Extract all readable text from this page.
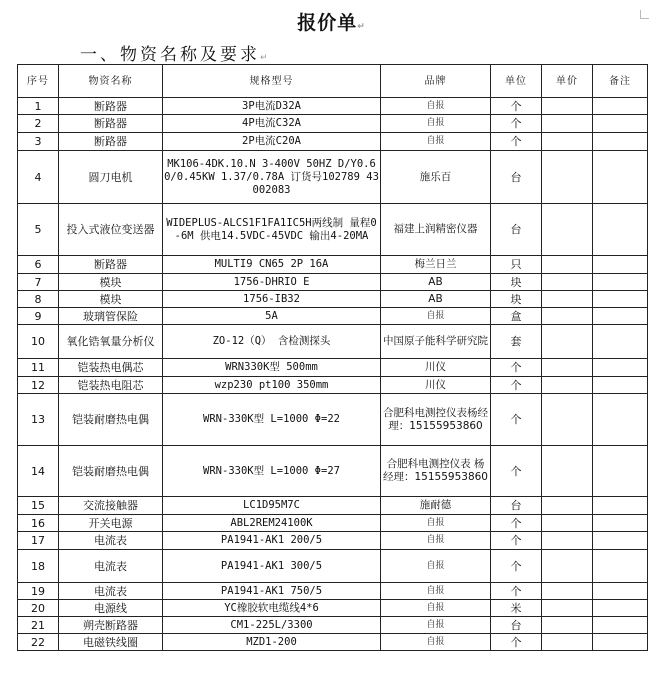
报价单↵
一、物资名称及要求↵
序号	物资名称	规格型号	品牌	单位	单价	备注
1	断路器	3P电流D32A	自报	个		
2	断路器	4P电流C32A	自报	个		
3	断路器	2P电流C20A	自报	个		
4	圆刀电机	MK106-4DK.10.N 3-400V 50HZ D/Y0.60/0.45KW 1.37/0.78A 订货号102789 43002083	施乐百	台		
5	投入式液位变送器	WIDEPLUS-ALCS1F1FA1IC5H两线制 量程0-6M 供电14.5VDC-45VDC 输出4-20MA	福建上润精密仪器	台		
6	断路器	MULTI9 CN65 2P 16A	梅兰日兰	只		
7	模块	1756-DHRIO E	AB	块		
8	模块	1756-IB32	AB	块		
9	玻璃管保险	5A	自报	盒		
10	氧化锆氧量分析仪	ZO-12（Q） 含检测探头	中国原子能科学研究院	套		
11	铠装热电偶芯	WRN330K型 500mm	川仪	个		
12	铠装热电阻芯	wzp230 pt100 350mm	川仪	个		
13	铠装耐磨热电偶	WRN-330K型 L=1000 Φ=22	合肥科电测控仪表杨经理：15155953860	个		
14	铠装耐磨热电偶	WRN-330K型 L=1000 Φ=27	合肥科电测控仪表 杨经理：15155953860	个		
15	交流接触器	LC1D95M7C	施耐德	台		
16	开关电源	ABL2REM24100K	自报	个		
17	电流表	PA1941-AK1 200/5	自报	个		
18	电流表	PA1941-AK1 300/5	自报	个		
19	电流表	PA1941-AK1 750/5	自报	个		
20	电源线	YC橡胶软电缆线4*6	自报	米		
21	朔壳断路器	CM1-225L/3300	自报	台		
22	电磁铁线圈	MZD1-200	自报	个		
